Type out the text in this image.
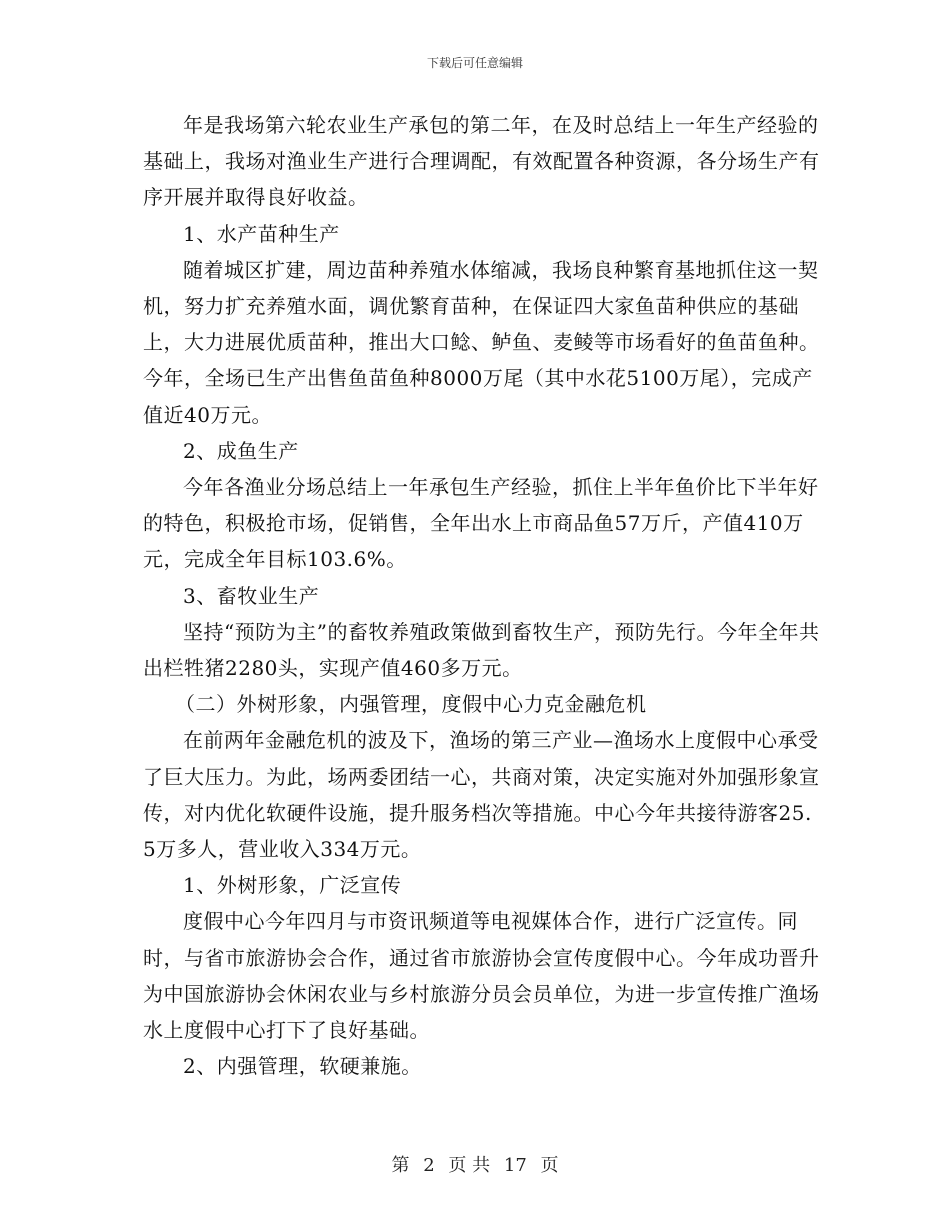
下载后可任意编辑

年是我场第六轮农业生产承包的第二年，在及时总结上一年生产经验的基础上，我场对渔业生产进行合理调配，有效配置各种资源，各分场生产有序开展并取得良好收益。

1、水产苗种生产

随着城区扩建，周边苗种养殖水体缩减，我场良种繁育基地抓住这一契机，努力扩充养殖水面，调优繁育苗种，在保证四大家鱼苗种供应的基础上，大力进展优质苗种，推出大口鲶、鲈鱼、麦鲮等市场看好的鱼苗鱼种。今年，全场已生产出售鱼苗鱼种8000万尾（其中水花5100万尾），完成产值近40万元。

2、成鱼生产

今年各渔业分场总结上一年承包生产经验，抓住上半年鱼价比下半年好的特色，积极抢市场，促销售，全年出水上市商品鱼57万斤，产值410万元，完成全年目标103.6%。

3、畜牧业生产

坚持“预防为主”的畜牧养殖政策做到畜牧生产，预防先行。今年全年共出栏牲猪2280头，实现产值460多万元。

（二）外树形象，内强管理，度假中心力克金融危机

在前两年金融危机的波及下，渔场的第三产业—渔场水上度假中心承受了巨大压力。为此，场两委团结一心，共商对策，决定实施对外加强形象宣传，对内优化软硬件设施，提升服务档次等措施。中心今年共接待游客25.5万多人，营业收入334万元。

1、外树形象，广泛宣传

度假中心今年四月与市资讯频道等电视媒体合作，进行广泛宣传。同时，与省市旅游协会合作，通过省市旅游协会宣传度假中心。今年成功晋升为中国旅游协会休闲农业与乡村旅游分员会员单位，为进一步宣传推广渔场水上度假中心打下了良好基础。

2、内强管理，软硬兼施。

第 2 页 共 17 页
